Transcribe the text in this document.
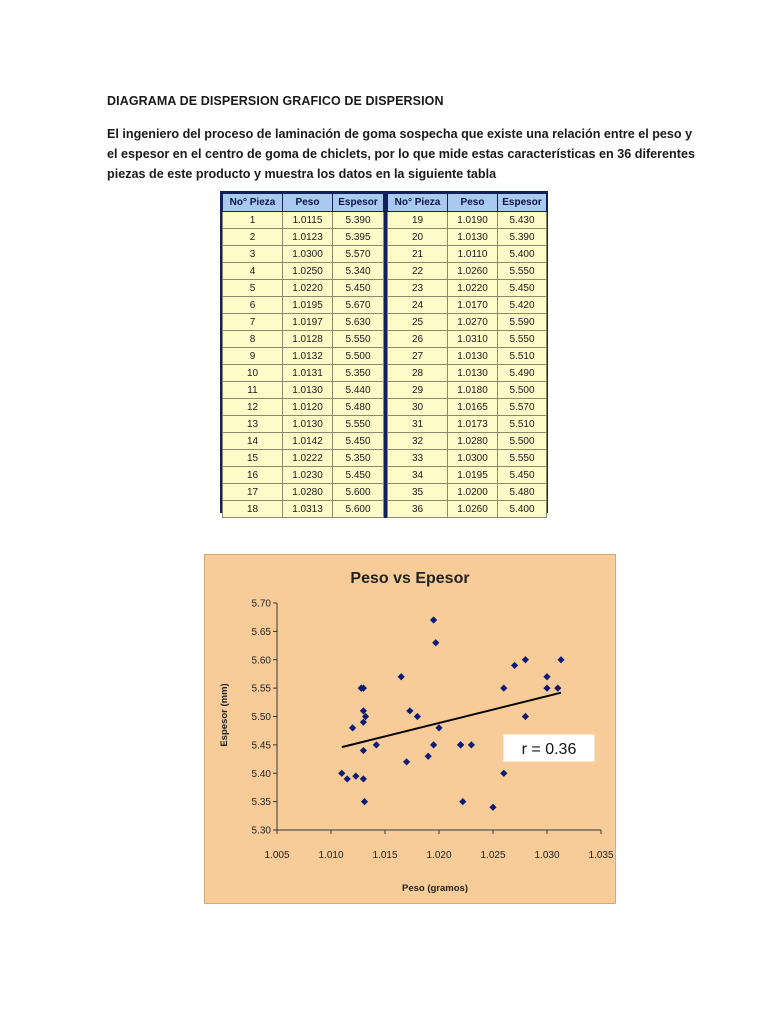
DIAGRAMA DE DISPERSION GRAFICO DE DISPERSION
El ingeniero del proceso de laminación de goma sospecha que existe una relación entre el peso y
el espesor en el centro de goma de chiclets, por lo que mide estas características en 36 diferentes
piezas de este producto y muestra los datos en la siguiente tabla
No° Pieza	Peso	Espesor		No° Pieza	Peso	Espesor
1	1.0115	5.390		19	1.0190	5.430
2	1.0123	5.395		20	1.0130	5.390
3	1.0300	5.570		21	1.0110	5.400
4	1.0250	5.340		22	1.0260	5.550
5	1.0220	5.450		23	1.0220	5.450
6	1.0195	5.670		24	1.0170	5.420
7	1.0197	5.630		25	1.0270	5.590
8	1.0128	5.550		26	1.0310	5.550
9	1.0132	5.500		27	1.0130	5.510
10	1.0131	5.350		28	1.0130	5.490
11	1.0130	5.440		29	1.0180	5.500
12	1.0120	5.480		30	1.0165	5.570
13	1.0130	5.550		31	1.0173	5.510
14	1.0142	5.450		32	1.0280	5.500
15	1.0222	5.350		33	1.0300	5.550
16	1.0230	5.450		34	1.0195	5.450
17	1.0280	5.600		35	1.0200	5.480
18	1.0313	5.600		36	1.0260	5.400
Peso vs Epesor
Peso (gramos)
Espesor (mm)
5.30
5.35
5.40
5.45
5.50
5.55
5.60
5.65
5.70
1.005	1.010	1.015	1.020	1.025	1.030	1.035
r = 0.36
